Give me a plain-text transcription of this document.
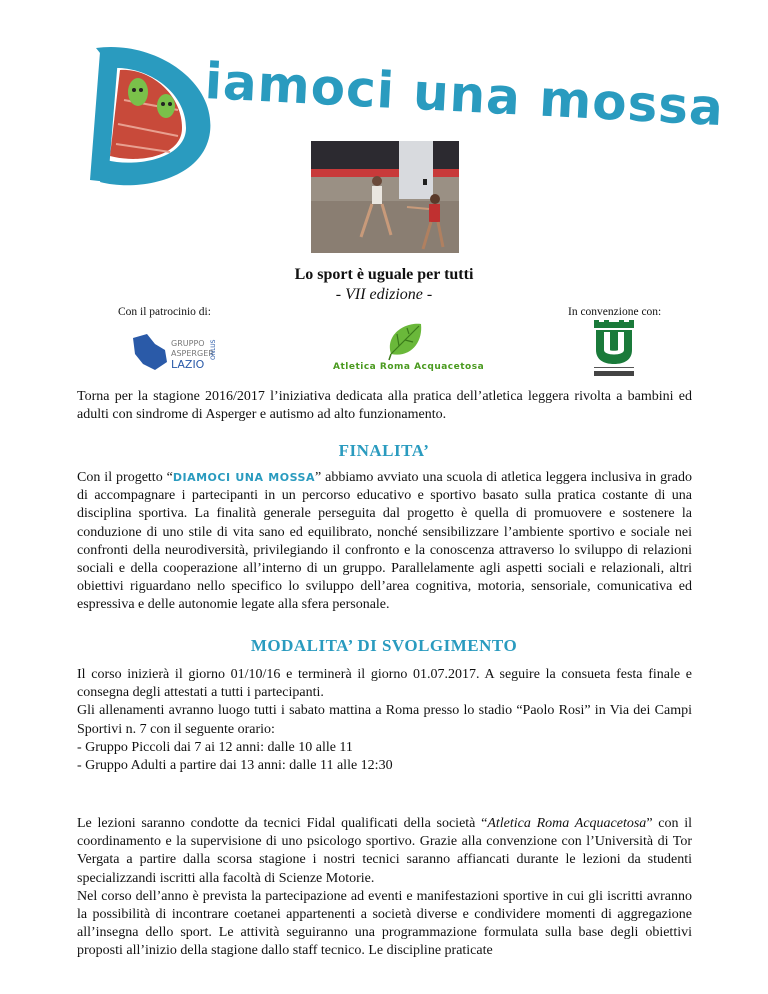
iamoci una mossa
Lo sport è uguale per tutti
- VII edizione -
Con il patrocinio di:	In convenzione con:
GRUPPO
ASPERGER
LAZIO
ONLUS
Atletica Roma Acquacetosa

Torna per la stagione 2016/2017 l’iniziativa dedicata alla pratica dell’atletica leggera rivolta a bambini ed adulti con sindrome di Asperger e autismo ad alto funzionamento.

FINALITA’

Con il progetto “DIAMOCI UNA MOSSA” abbiamo avviato una scuola di atletica leggera inclusiva in grado di accompagnare i partecipanti in un percorso educativo e sportivo basato sulla pratica costante di una disciplina sportiva. La finalità generale perseguita dal progetto è quella di promuovere e sostenere la conduzione di uno stile di vita sano ed equilibrato, nonché sensibilizzare l’ambiente sportivo e sociale nei confronti della neurodiversità, privilegiando il confronto e la conoscenza attraverso lo sviluppo di relazioni sociali e della cooperazione all’interno di un gruppo. Parallelamente agli aspetti sociali e relazionali, altri obiettivi riguardano nello specifico lo sviluppo dell’area cognitiva, motoria, sensoriale, comunicativa ed espressiva e delle autonomie legate alla sfera personale.

MODALITA’ DI SVOLGIMENTO
Il corso inizierà il giorno 01/10/16 e terminerà il giorno 01.07.2017. A seguire la consueta festa finale e consegna degli attestati a tutti i partecipanti.
Gli allenamenti avranno luogo tutti i sabato mattina a Roma presso lo stadio “Paolo Rosi” in Via dei Campi Sportivi n. 7 con il seguente orario:
- Gruppo Piccoli dai 7 ai 12 anni: dalle 10 alle 11
- Gruppo Adulti a partire dai 13 anni: dalle 11 alle 12:30
Le lezioni saranno condotte da tecnici Fidal qualificati della società “Atletica Roma Acquacetosa” con il coordinamento e la supervisione di uno psicologo sportivo. Grazie alla convenzione con l’Università di Tor Vergata a partire dalla scorsa stagione i nostri tecnici saranno affiancati durante le lezioni da studenti specializzandi iscritti alla facoltà di Scienze Motorie.
Nel corso dell’anno è prevista la partecipazione ad eventi e manifestazioni sportive in cui gli iscritti avranno la possibilità di incontrare coetanei appartenenti a società diverse e condividere momenti di aggregazione all’insegna dello sport. Le attività seguiranno una programmazione formulata sulla base degli obiettivi proposti all’inizio della stagione dallo staff tecnico. Le discipline praticate
